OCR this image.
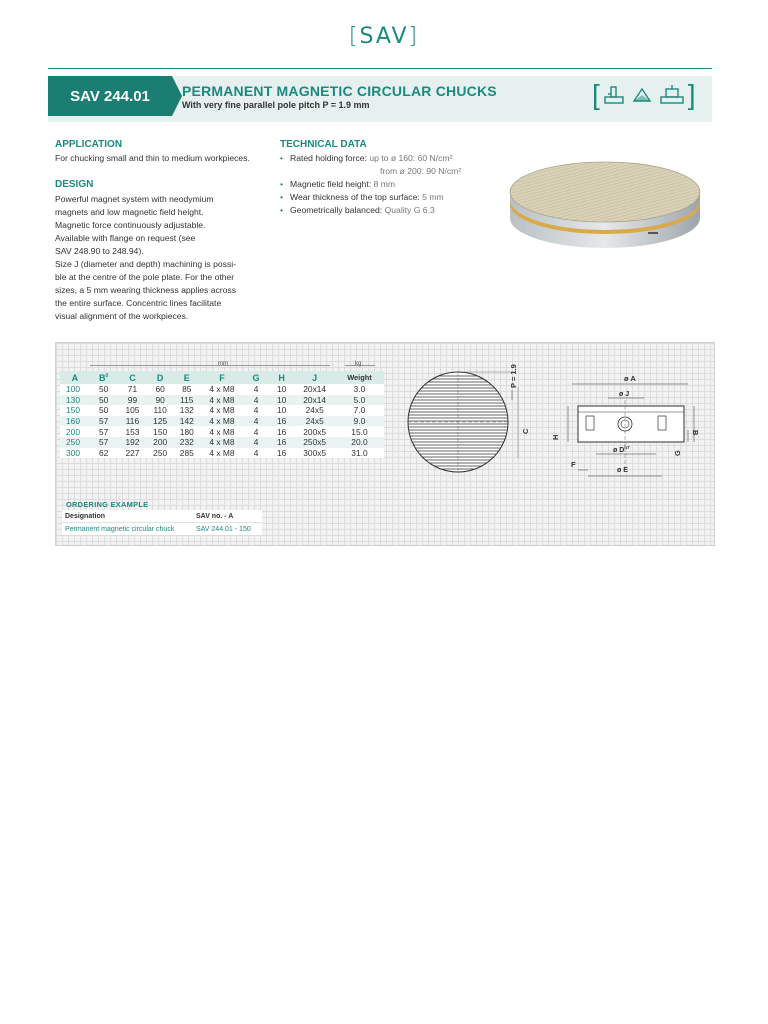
[SAV]
SAV 244.01	PERMANENT MAGNETIC CIRCULAR CHUCKS
With very fine parallel pole pitch P = 1.9 mm	[	]
APPLICATION
For chucking small and thin to medium workpieces.
DESIGN
Powerful magnet system with neodymium
magnets and low magnetic field height.
Magnetic force continuously adjustable.
Available with flange on request (see
SAV 248.90 to 248.94).
Size J (diameter and depth) machining is possi-
ble at the centre of the pole plate. For the other
sizes, a 5 mm wearing thickness applies across
the entire surface. Concentric lines facilitate
visual alignment of the workpieces.
TECHNICAL DATA
• Rated holding force: up to ø 160: 60 N/cm²
from ø 200: 90 N/cm²
• Magnetic field height: 8 mm
• Wear thickness of the top surface: 5 mm
• Geometrically balanced: Quality G 6.3
mm	kg
A	$B^0$	C	D	E	F	G	H	J	Weight
100	50	71	60	85	4 x M8	4	10	20x14	3.0
130	50	99	90	115	4 x M8	4	10	20x14	5.0
150	50	105	110	132	4 x M8	4	10	24x5	7.0
160	57	116	125	142	4 x M8	4	16	24x5	9.0
200	57	153	150	180	4 x M8	4	16	200x5	15.0
250	57	192	200	232	4 x M8	4	16	250x5	20.0
300	62	227	250	285	4 x M8	4	16	300x5	31.0
ORDERING EXAMPLE
Designation	SAV no. - A
Permanent magnetic circular chuck	SAV 244.01 - 150
P = 1.9
C
ø A
ø J
ø $D^{h7}$
ø E
H
B
G
F
